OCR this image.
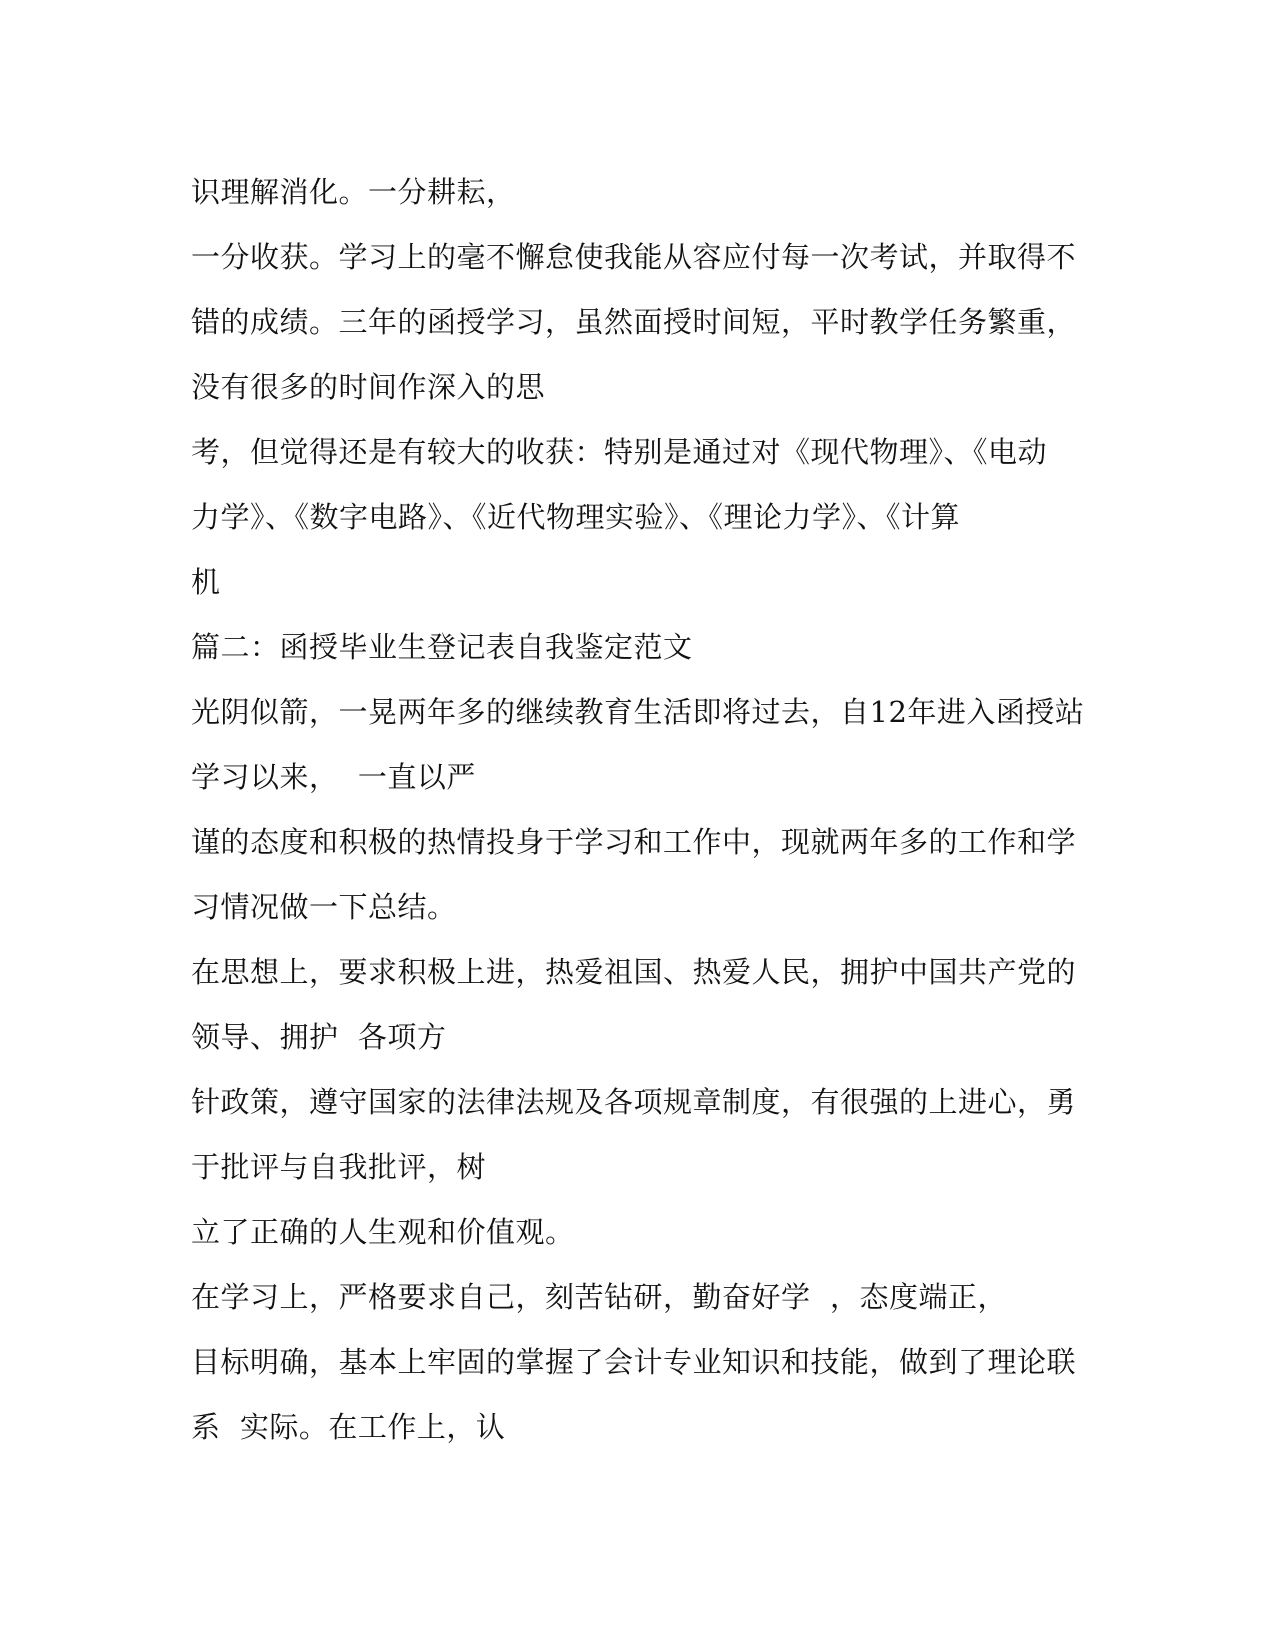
识理解消化。一分耕耘，
一分收获。学习上的毫不懈怠使我能从容应付每一次考试，并取得不
错的成绩。三年的函授学习，虽然面授时间短，平时教学任务繁重，
没有很多的时间作深入的思
考，但觉得还是有较大的收获：特别是通过对《现代物理》、《电动
力学》、《数字电路》、《近代物理实验》、《理论力学》、《计算
机
篇二：函授毕业生登记表自我鉴定范文
光阴似箭，一晃两年多的继续教育生活即将过去，自12年进入函授站
学习以来，  一直以严
谨的态度和积极的热情投身于学习和工作中，现就两年多的工作和学
习情况做一下总结。
在思想上，要求积极上进，热爱祖国、热爱人民，拥护中国共产党的
领导、拥护  各项方
针政策，遵守国家的法律法规及各项规章制度，有很强的上进心，勇
于批评与自我批评，树
立了正确的人生观和价值观。
在学习上，严格要求自己，刻苦钻研，勤奋好学  ，态度端正，
目标明确，基本上牢固的掌握了会计专业知识和技能，做到了理论联
系  实际。在工作上，认
